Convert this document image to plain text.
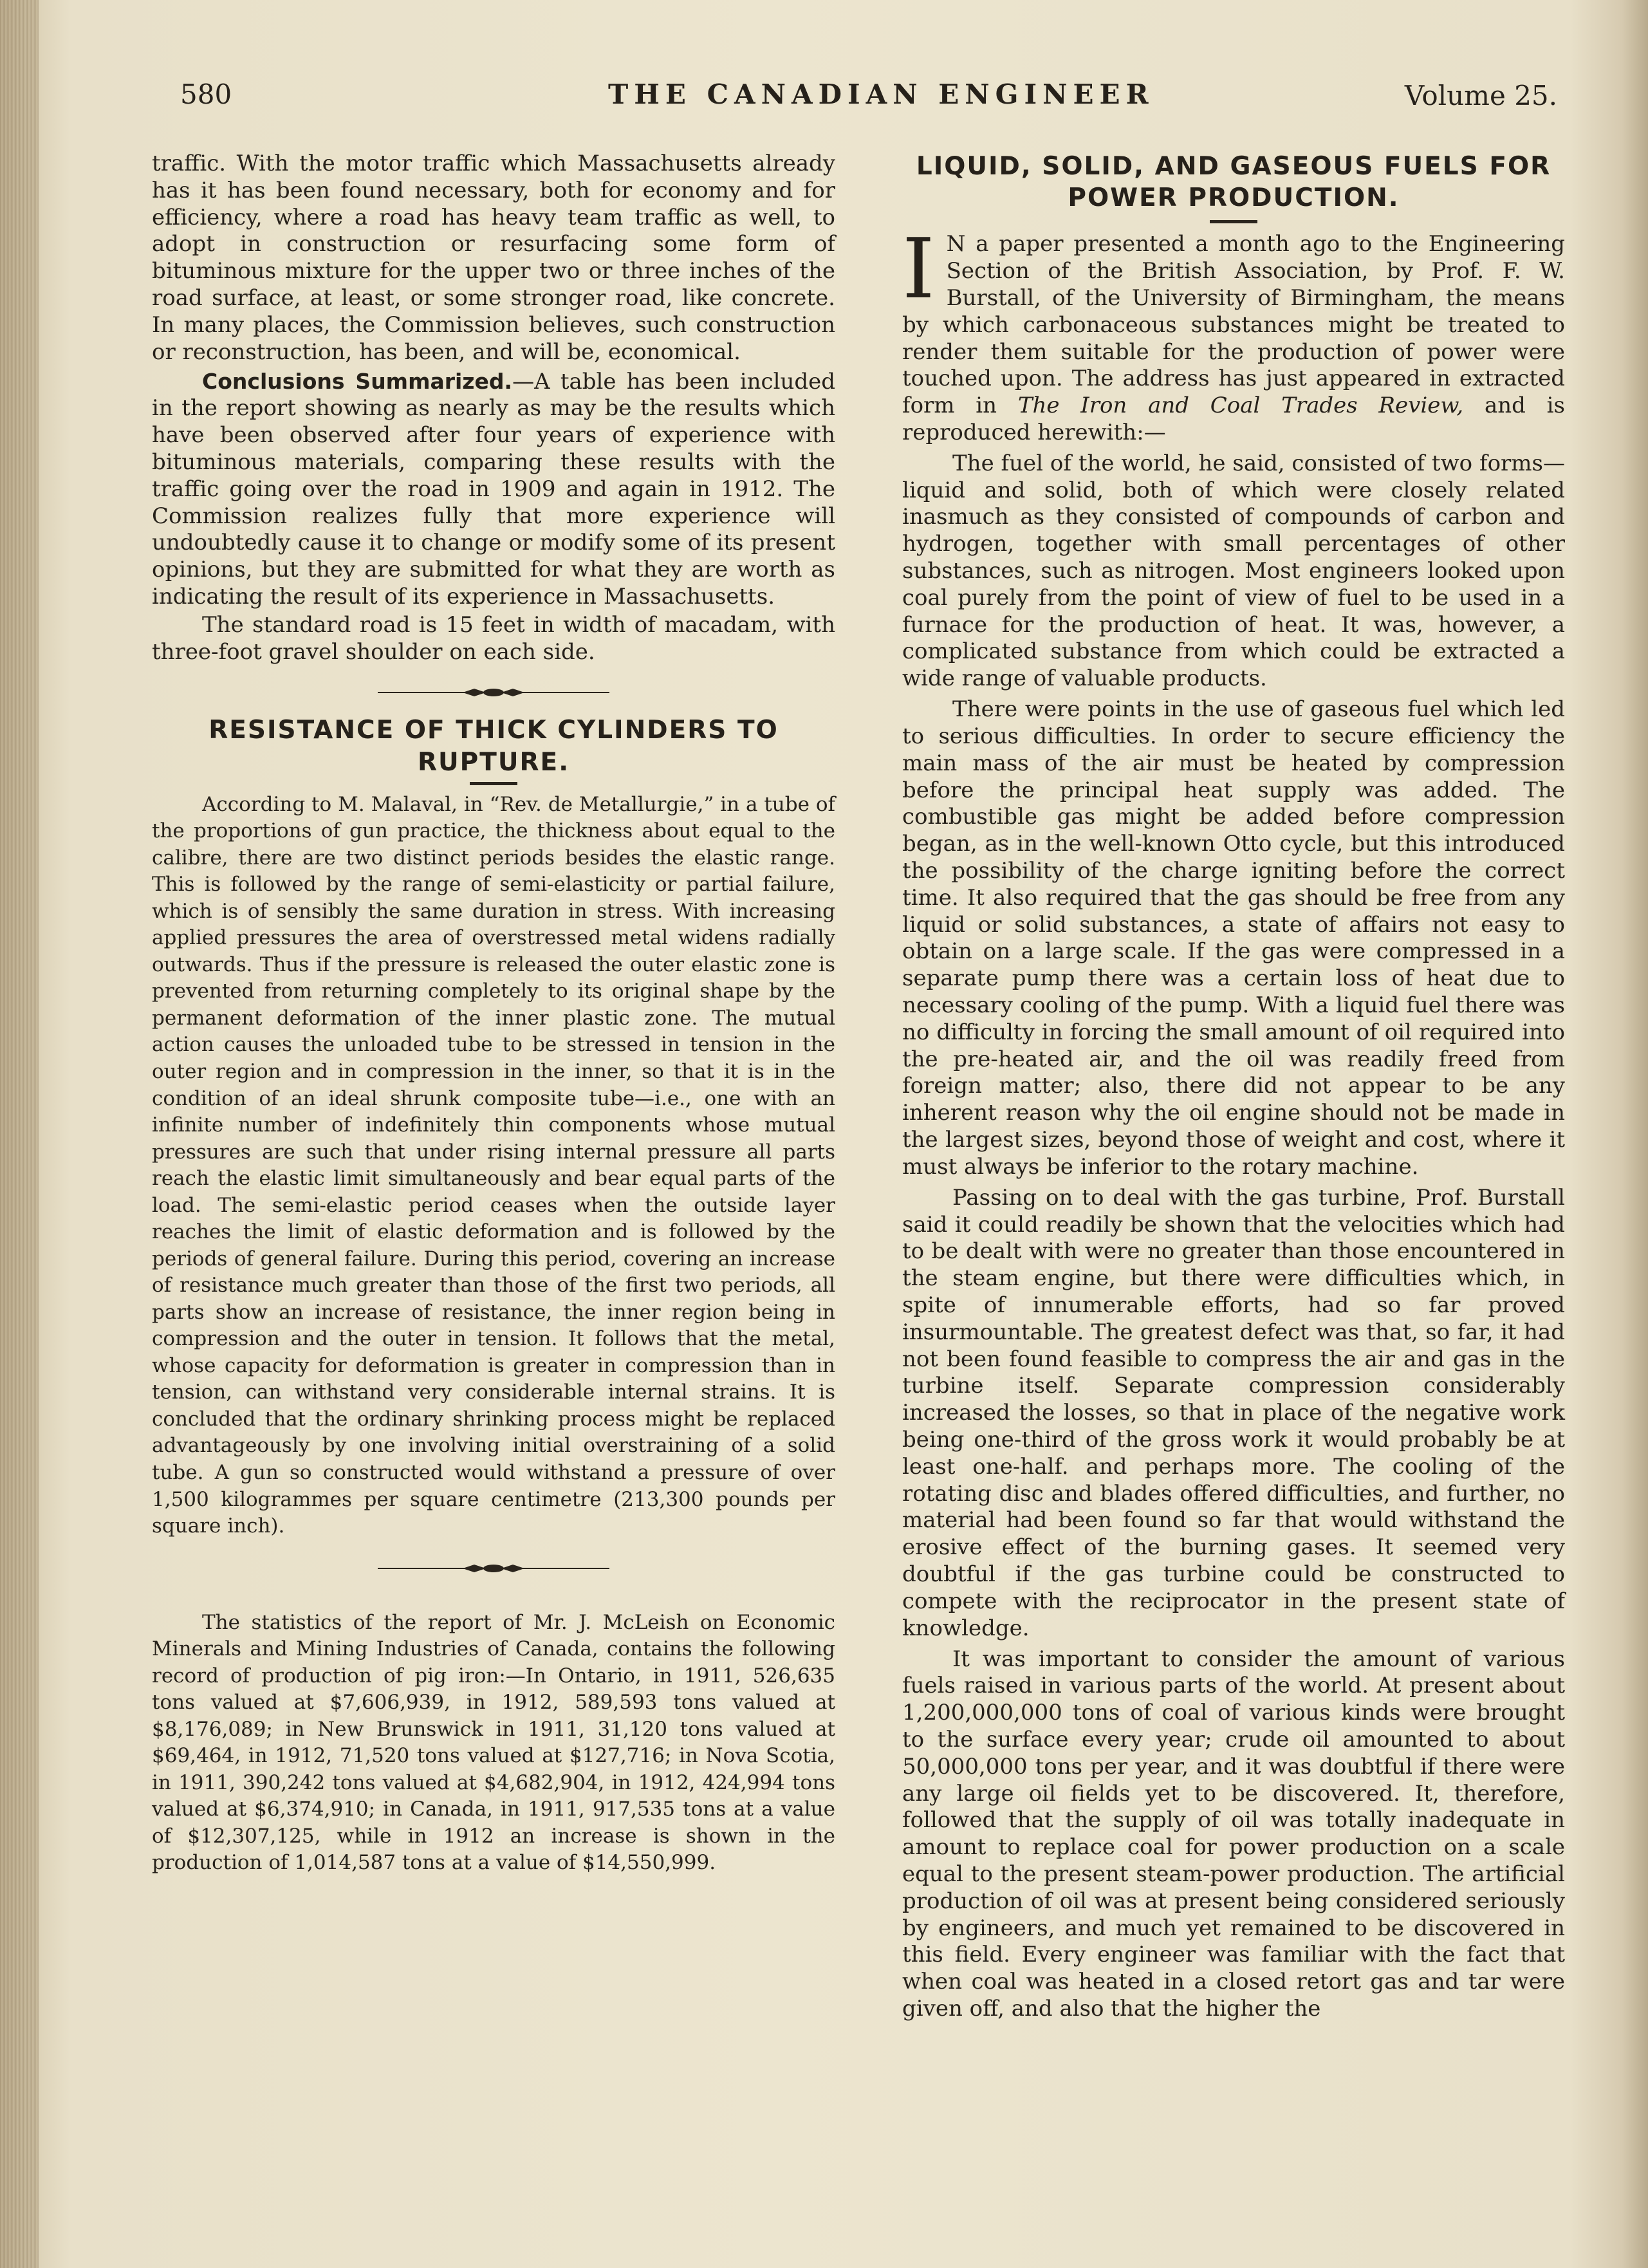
580	THE CANADIAN ENGINEER	Volume 25.

traffic. With the motor traffic which Massachusetts already has it has been found necessary, both for economy and for efficiency, where a road has heavy team traffic as well, to adopt in construction or resurfacing some form of bituminous mixture for the upper two or three inches of the road surface, at least, or some stronger road, like concrete. In many places, the Commission believes, such construction or reconstruction, has been, and will be, economical.

Conclusions Summarized.—A table has been included in the report showing as nearly as may be the results which have been observed after four years of experience with bituminous materials, comparing these results with the traffic going over the road in 1909 and again in 1912. The Commission realizes fully that more experience will undoubtedly cause it to change or modify some of its present opinions, but they are submitted for what they are worth as indicating the result of its experience in Massachusetts.

The standard road is 15 feet in width of macadam, with three-foot gravel shoulder on each side.

RESISTANCE OF THICK CYLINDERS TO RUPTURE.

According to M. Malaval, in “Rev. de Metallurgie,” in a tube of the proportions of gun practice, the thickness about equal to the calibre, there are two distinct periods besides the elastic range. This is followed by the range of semi-elasticity or partial failure, which is of sensibly the same duration in stress. With increasing applied pressures the area of overstressed metal widens radially outwards. Thus if the pressure is released the outer elastic zone is prevented from returning completely to its original shape by the permanent deformation of the inner plastic zone. The mutual action causes the unloaded tube to be stressed in tension in the outer region and in compression in the inner, so that it is in the condition of an ideal shrunk composite tube—i.e., one with an infinite number of indefinitely thin components whose mutual pressures are such that under rising internal pressure all parts reach the elastic limit simultaneously and bear equal parts of the load. The semi-elastic period ceases when the outside layer reaches the limit of elastic deformation and is followed by the periods of general failure. During this period, covering an increase of resistance much greater than those of the first two periods, all parts show an increase of resistance, the inner region being in compression and the outer in tension. It follows that the metal, whose capacity for deformation is greater in compression than in tension, can withstand very considerable internal strains. It is concluded that the ordinary shrinking process might be replaced advantageously by one involving initial overstraining of a solid tube. A gun so constructed would withstand a pressure of over 1,500 kilogrammes per square centimetre (213,300 pounds per square inch).

The statistics of the report of Mr. J. McLeish on Economic Minerals and Mining Industries of Canada, contains the following record of production of pig iron:—In Ontario, in 1911, 526,635 tons valued at $7,606,939, in 1912, 589,593 tons valued at $8,176,089; in New Brunswick in 1911, 31,120 tons valued at $69,464, in 1912, 71,520 tons valued at $127,716; in Nova Scotia, in 1911, 390,242 tons valued at $4,682,904, in 1912, 424,994 tons valued at $6,374,910; in Canada, in 1911, 917,535 tons at a value of $12,307,125, while in 1912 an increase is shown in the production of 1,014,587 tons at a value of $14,550,999.

LIQUID, SOLID, AND GASEOUS FUELS FOR POWER PRODUCTION.

I N a paper presented a month ago to the Engineering Section of the British Association, by Prof. F. W. Burstall, of the University of Birmingham, the means by which carbonaceous substances might be treated to render them suitable for the production of power were touched upon. The address has just appeared in extracted form in The Iron and Coal Trades Review, and is reproduced herewith:—

The fuel of the world, he said, consisted of two forms—liquid and solid, both of which were closely related inasmuch as they consisted of compounds of carbon and hydrogen, together with small percentages of other substances, such as nitrogen. Most engineers looked upon coal purely from the point of view of fuel to be used in a furnace for the production of heat. It was, however, a complicated substance from which could be extracted a wide range of valuable products.

There were points in the use of gaseous fuel which led to serious difficulties. In order to secure efficiency the main mass of the air must be heated by compression before the principal heat supply was added. The combustible gas might be added before compression began, as in the well-known Otto cycle, but this introduced the possibility of the charge igniting before the correct time. It also required that the gas should be free from any liquid or solid substances, a state of affairs not easy to obtain on a large scale. If the gas were compressed in a separate pump there was a certain loss of heat due to necessary cooling of the pump. With a liquid fuel there was no difficulty in forcing the small amount of oil required into the pre-heated air, and the oil was readily freed from foreign matter; also, there did not appear to be any inherent reason why the oil engine should not be made in the largest sizes, beyond those of weight and cost, where it must always be inferior to the rotary machine.

Passing on to deal with the gas turbine, Prof. Burstall said it could readily be shown that the velocities which had to be dealt with were no greater than those encountered in the steam engine, but there were difficulties which, in spite of innumerable efforts, had so far proved insurmountable. The greatest defect was that, so far, it had not been found feasible to compress the air and gas in the turbine itself. Separate compression considerably increased the losses, so that in place of the negative work being one-third of the gross work it would probably be at least one-half. and perhaps more. The cooling of the rotating disc and blades offered difficulties, and further, no material had been found so far that would withstand the erosive effect of the burning gases. It seemed very doubtful if the gas turbine could be constructed to compete with the reciprocator in the present state of knowledge.

It was important to consider the amount of various fuels raised in various parts of the world. At present about 1,200,000,000 tons of coal of various kinds were brought to the surface every year; crude oil amounted to about 50,000,000 tons per year, and it was doubtful if there were any large oil fields yet to be discovered. It, therefore, followed that the supply of oil was totally inadequate in amount to replace coal for power production on a scale equal to the present steam-power production. The artificial production of oil was at present being considered seriously by engineers, and much yet remained to be discovered in this field. Every engineer was familiar with the fact that when coal was heated in a closed retort gas and tar were given off, and also that the higher the
